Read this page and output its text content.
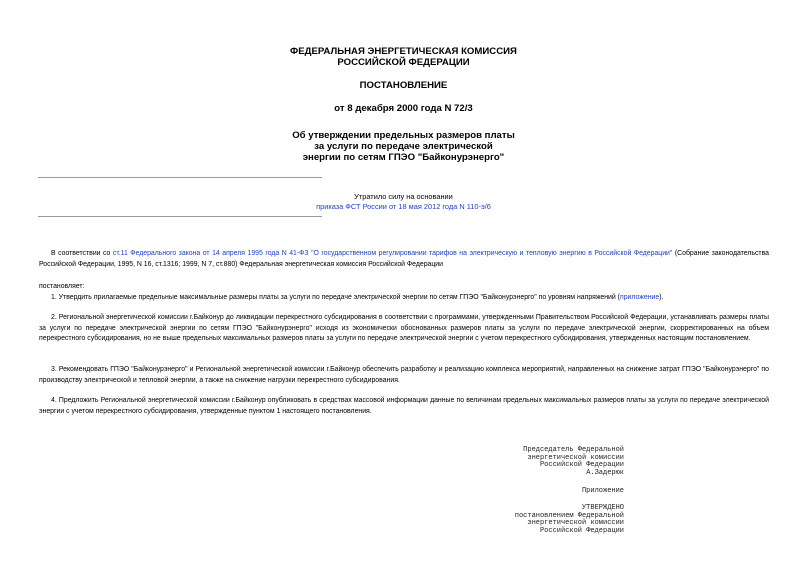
ФЕДЕРАЛЬНАЯ ЭНЕРГЕТИЧЕСКАЯ КОМИССИЯ
РОССИЙСКОЙ ФЕДЕРАЦИИ
ПОСТАНОВЛЕНИЕ
от 8 декабря 2000 года N 72/3
Об утверждении предельных размеров платы
за услуги по передаче электрической
энергии по сетям ГПЭО "Байконурэнерго"
Утратило силу на основании
приказа ФСТ России от 18 мая 2012 года N 110-э/6
В соответствии со ст.11 Федерального закона от 14 апреля 1995 года N 41-ФЗ "О государственном регулировании тарифов на электрическую и тепловую энергию в Российской Федерации" (Собрание законодательства Российской Федерации, 1995, N 16, ст.1316; 1999, N 7, ст.880) Федеральная энергетическая комиссия Российской Федерации
постановляет:
1. Утвердить прилагаемые предельные максимальные размеры платы за услуги по передаче электрической энергии по сетям ГПЭО "Байконурэнерго" по уровням напряжений (приложение).
2. Региональной энергетической комиссии г.Байконур до ликвидации перекрестного субсидирования в соответствии с программами, утвержденными Правительством Российской Федерации, устанавливать размеры платы за услуги по передаче электрической энергии по сетям ГПЭО "Байконурэнерго" исходя из экономически обоснованных размеров платы за услуги по передаче электрической энергии, скорректированных на объем перекрестного субсидирования, но не выше предельных максимальных размеров платы за услуги по передаче электрической энергии с учетом перекрестного субсидирования, утвержденных настоящим постановлением.
3. Рекомендовать ГПЭО "Байконурэнерго" и Региональной энергетической комиссии г.Байконур обеспечить разработку и реализацию комплекса мероприятий, направленных на снижение затрат ГПЭО "Байконурэнерго" по производству электрической и тепловой энергии, а также на снижение нагрузки перекрестного субсидирования.
4. Предложить Региональной энергетической комиссии г.Байконур опубликовать в средствах массовой информации данные по величинам предельных максимальных размеров платы за услуги по передаче электрической энергии с учетом перекрестного субсидирования, утвержденные пунктом 1 настоящего постановления.
Председатель Федеральной
энергетической комиссии
Российской Федерации
А.Задерюк
Приложение
УТВЕРЖДЕНО
постановлением Федеральной
энергетической комиссии
Российской Федерации
